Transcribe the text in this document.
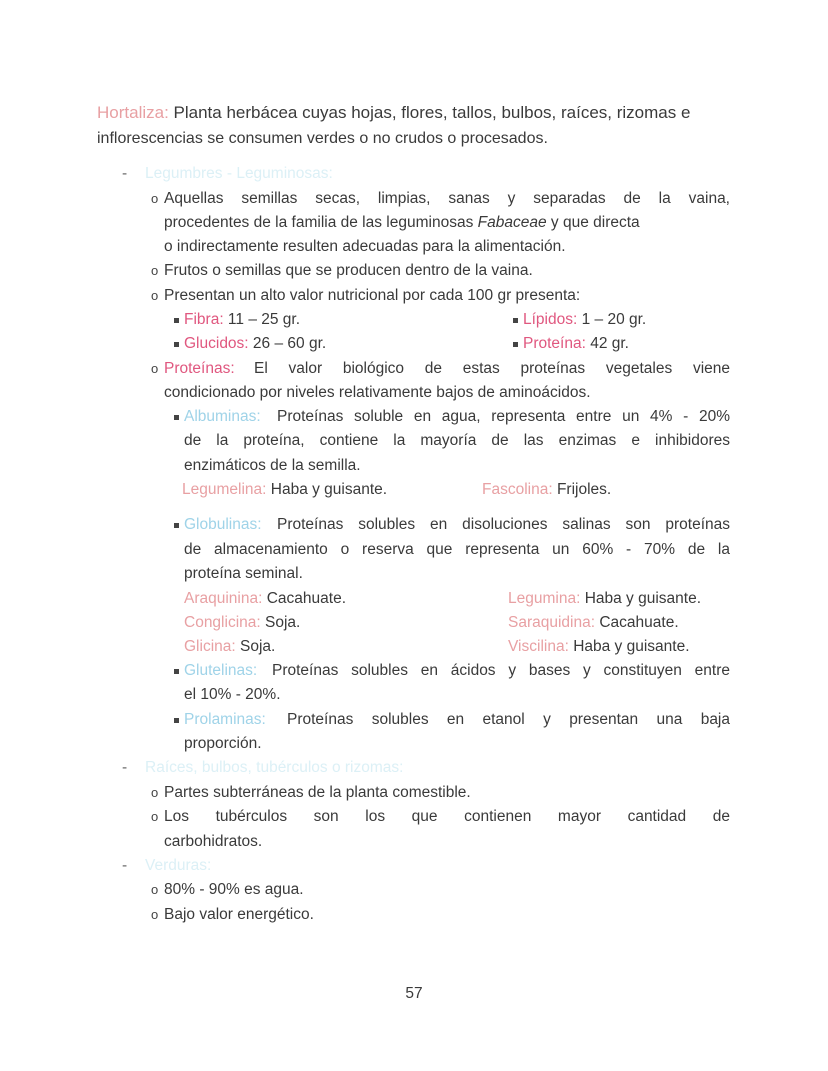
Hortaliza: Planta herbácea cuyas hojas, flores, tallos, bulbos, raíces, rizomas e
inflorescencias se consumen verdes o no crudos o procesados.
- Legumbres - Leguminosas:
o Aquellas semillas secas, limpias, sanas y separadas de la vaina,
procedentes de la familia de las leguminosas Fabaceae y que directa
o indirectamente resulten adecuadas para la alimentación.
o Frutos o semillas que se producen dentro de la vaina.
o Presentan un alto valor nutricional por cada 100 gr presenta:
Fibra: 11 – 25 gr.	Lípidos: 1 – 20 gr.
Glucidos: 26 – 60 gr.	Proteína: 42 gr.
o Proteínas: El valor biológico de estas proteínas vegetales viene
condicionado por niveles relativamente bajos de aminoácidos.
Albuminas: Proteínas soluble en agua, representa entre un 4% - 20%
de la proteína, contiene la mayoría de las enzimas e inhibidores
enzimáticos de la semilla.
Legumelina: Haba y guisante.	Fascolina: Frijoles.
Globulinas: Proteínas solubles en disoluciones salinas son proteínas
de almacenamiento o reserva que representa un 60% - 70% de la
proteína seminal.
Araquinina: Cacahuate.	Legumina: Haba y guisante.
Conglicina: Soja.	Saraquidina: Cacahuate.
Glicina: Soja.	Viscilina: Haba y guisante.
Glutelinas: Proteínas solubles en ácidos y bases y constituyen entre
el 10% - 20%.
Prolaminas: Proteínas solubles en etanol y presentan una baja
proporción.
- Raíces, bulbos, tubérculos o rizomas:
o Partes subterráneas de la planta comestible.
o Los tubérculos son los que contienen mayor cantidad de
carbohidratos.
- Verduras:
o 80% - 90% es agua.
o Bajo valor energético.
57
